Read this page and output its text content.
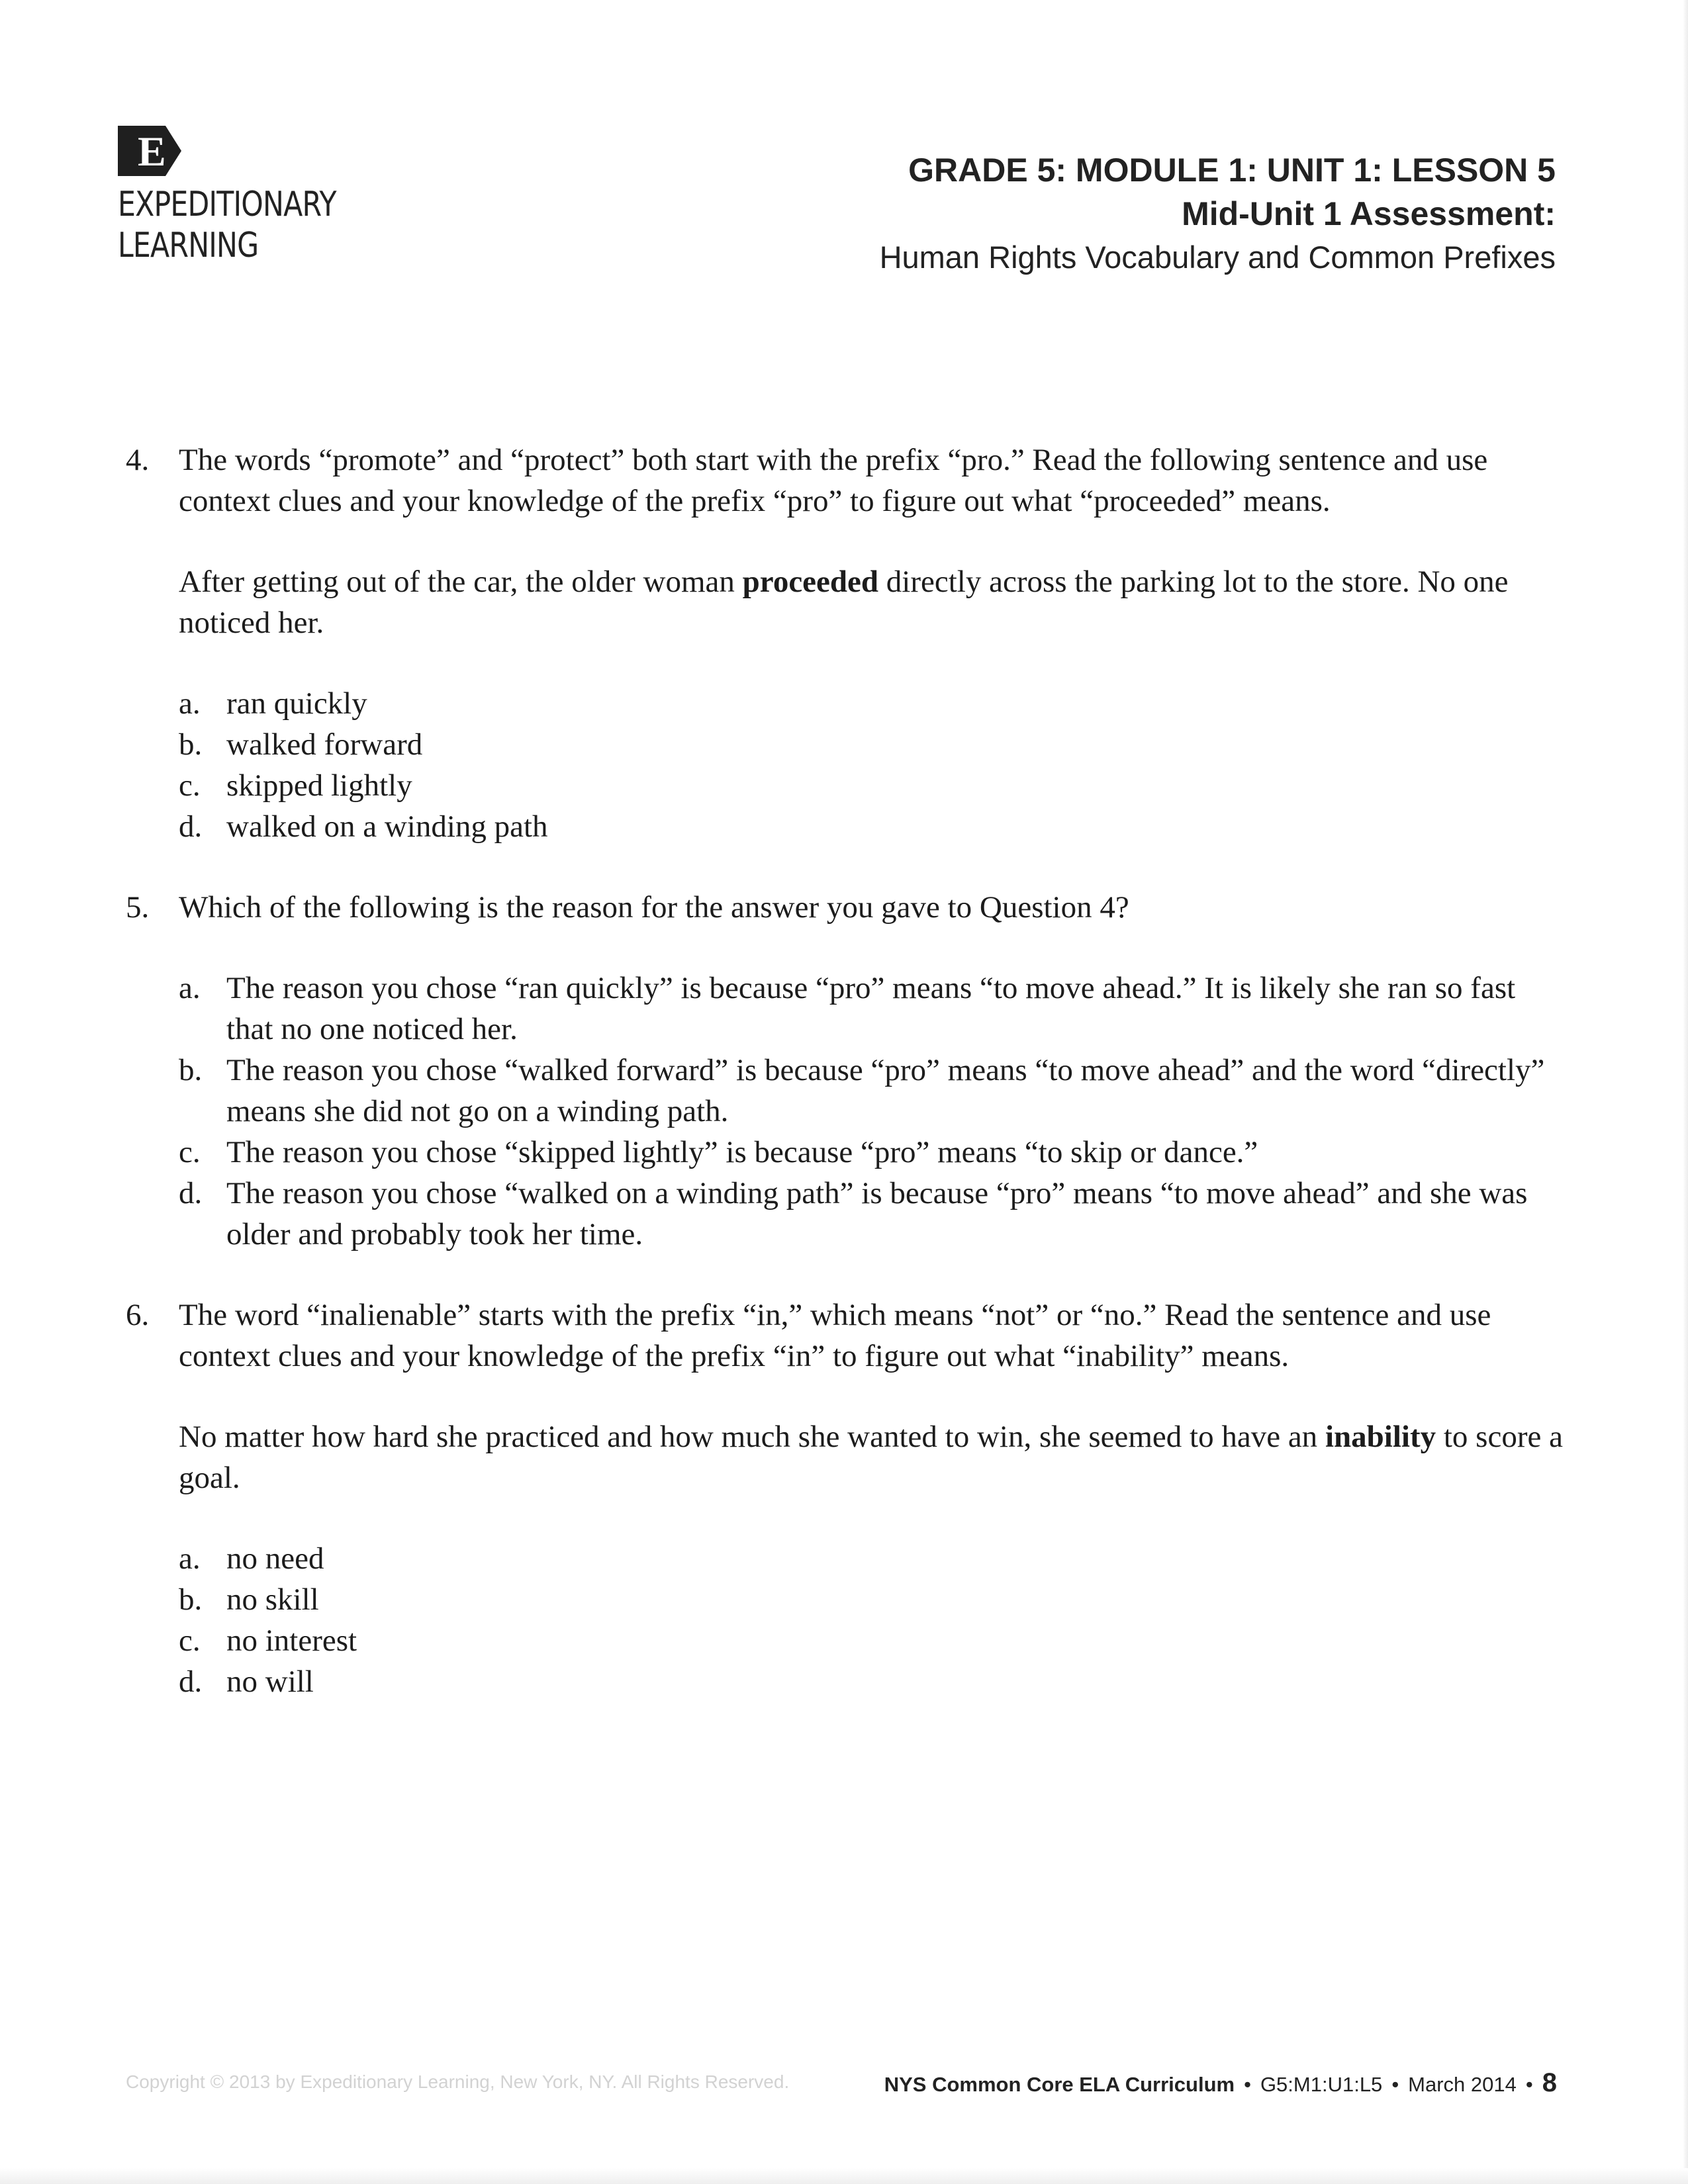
E
EXPEDITIONARY
LEARNING
GRADE 5: MODULE 1: UNIT 1: LESSON 5
Mid-Unit 1 Assessment:
Human Rights Vocabulary and Common Prefixes
4. The words “promote” and “protect” both start with the prefix “pro.” Read the following sentence and use context clues and your knowledge of the prefix “pro” to figure out what “proceeded” means.

After getting out of the car, the older woman proceeded directly across the parking lot to the store. No one noticed her.

a. ran quickly
b. walked forward
c. skipped lightly
d. walked on a winding path
5. Which of the following is the reason for the answer you gave to Question 4?

a. The reason you chose “ran quickly” is because “pro” means “to move ahead.” It is likely she ran so fast that no one noticed her.
b. The reason you chose “walked forward” is because “pro” means “to move ahead” and the word “directly” means she did not go on a winding path.
c. The reason you chose “skipped lightly” is because “pro” means “to skip or dance.”
d. The reason you chose “walked on a winding path” is because “pro” means “to move ahead” and she was older and probably took her time.
6. The word “inalienable” starts with the prefix “in,” which means “not” or “no.” Read the sentence and use context clues and your knowledge of the prefix “in” to figure out what “inability” means.

No matter how hard she practiced and how much she wanted to win, she seemed to have an inability to score a goal.

a. no need
b. no skill
c. no interest
d. no will
Copyright © 2013 by Expeditionary Learning, New York, NY. All Rights Reserved.	NYS Common Core ELA Curriculum • G5:M1:U1:L5 • March 2014 • 8
